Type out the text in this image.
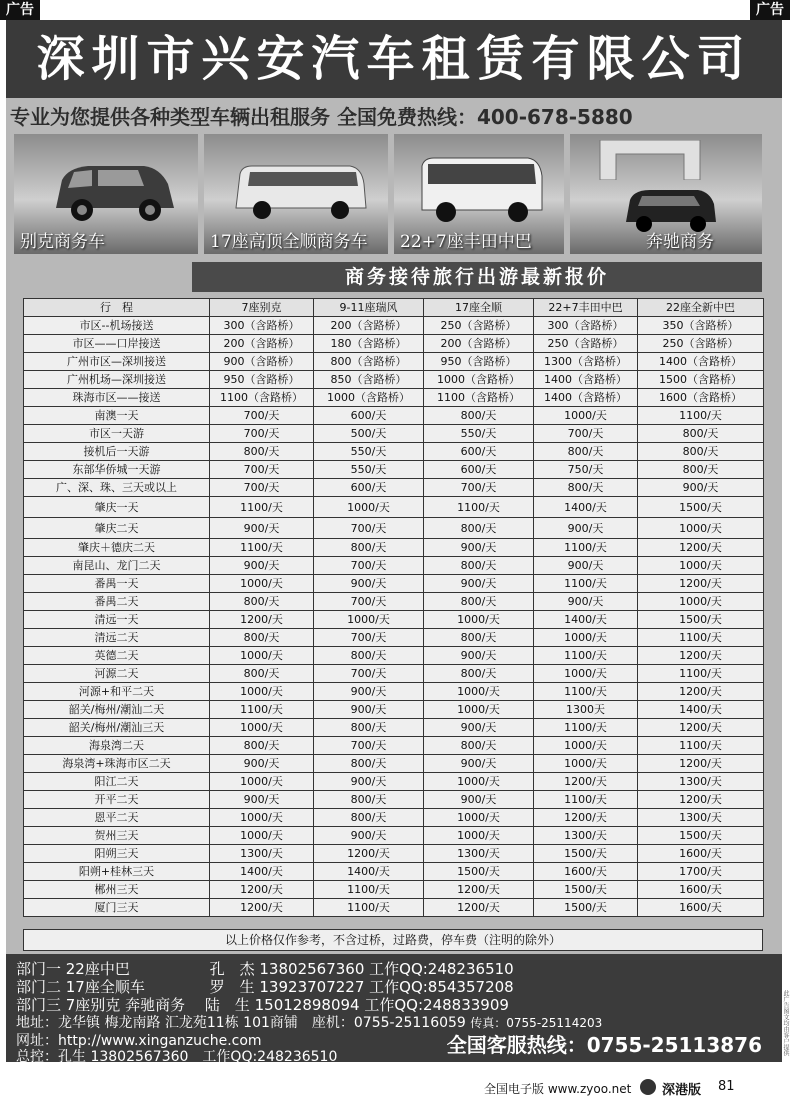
广告	广告
深圳市兴安汽车租赁有限公司
专业为您提供各种类型车辆出租服务 全国免费热线：400-678-5880
别克商务车	17座高顶全顺商务车 22+7座丰田中巴	奔驰商务
商务接待旅行出游最新报价
行　程	7座别克	9-11座瑞风	17座全顺	22+7丰田中巴	22座全新中巴
市区--机场接送	300（含路桥）	200（含路桥）	250（含路桥）	300（含路桥）	350（含路桥）
市区——口岸接送	200（含路桥）	180（含路桥）	200（含路桥）	250（含路桥）	250（含路桥）
广州市区—深圳接送	900（含路桥）	800（含路桥）	950（含路桥）	1300（含路桥）	1400（含路桥）
广州机场—深圳接送	950（含路桥）	850（含路桥）	1000（含路桥）	1400（含路桥）	1500（含路桥）
珠海市区——接送	1100（含路桥）	1000（含路桥）	1100（含路桥）	1400（含路桥）	1600（含路桥）
南澳一天	700/天	600/天	800/天	1000/天	1100/天
市区一天游	700/天	500/天	550/天	700/天	800/天
接机后一天游	800/天	550/天	600/天	800/天	800/天
东部华侨城一天游	700/天	550/天	600/天	750/天	800/天
广、深、珠、三天或以上	700/天	600/天	700/天	800/天	900/天
肇庆一天	1100/天	1000/天	1100/天	1400/天	1500/天
肇庆二天	900/天	700/天	800/天	900/天	1000/天
肇庆＋德庆二天	1100/天	800/天	900/天	1100/天	1200/天
南昆山、龙门二天	900/天	700/天	800/天	900/天	1000/天
番禺一天	1000/天	900/天	900/天	1100/天	1200/天
番禺二天	800/天	700/天	800/天	900/天	1000/天
清远一天	1200/天	1000/天	1000/天	1400/天	1500/天
清远二天	800/天	700/天	800/天	1000/天	1100/天
英德二天	1000/天	800/天	900/天	1100/天	1200/天
河源二天	800/天	700/天	800/天	1000/天	1100/天
河源+和平二天	1000/天	900/天	1000/天	1100/天	1200/天
韶关/梅州/潮汕二天	1100/天	900/天	1000/天	1300天	1400/天
韶关/梅州/潮汕三天	1000/天	800/天	900/天	1100/天	1200/天
海泉湾二天	800/天	700/天	800/天	1000/天	1100/天
海泉湾+珠海市区二天	900/天	800/天	900/天	1000/天	1200/天
阳江二天	1000/天	900/天	1000/天	1200/天	1300/天
开平二天	900/天	800/天	900/天	1100/天	1200/天
恩平二天	1000/天	800/天	1000/天	1200/天	1300/天
贺州三天	1000/天	900/天	1000/天	1300/天	1500/天
阳朔三天	1300/天	1200/天	1300/天	1500/天	1600/天
阳朔+桂林三天	1400/天	1400/天	1500/天	1600/天	1700/天
郴州三天	1200/天	1100/天	1200/天	1500/天	1600/天
厦门三天	1200/天	1100/天	1200/天	1500/天	1600/天
以上价格仅作参考，不含过桥，过路费，停车费（注明的除外）
部门一 22座中巴　　　　　 孔　杰 13802567360 工作QQ:248236510
部门二 17座全顺车　　　　 罗　生 13923707227 工作QQ:854357208
部门三 7座别克 奔驰商务　 陆　生 15012898094 工作QQ:248833909
地址：龙华镇 梅龙南路 汇龙苑11栋 101商铺　座机：0755-25116059 传真：0755-25114203
网址：http://www.xinganzuche.com
总控：孔生 13802567360　工作QQ:248236510	全国客服热线：0755-25113876	此广告图文均由客户提供
全国电子版 www.zyoo.net 深港版 81
